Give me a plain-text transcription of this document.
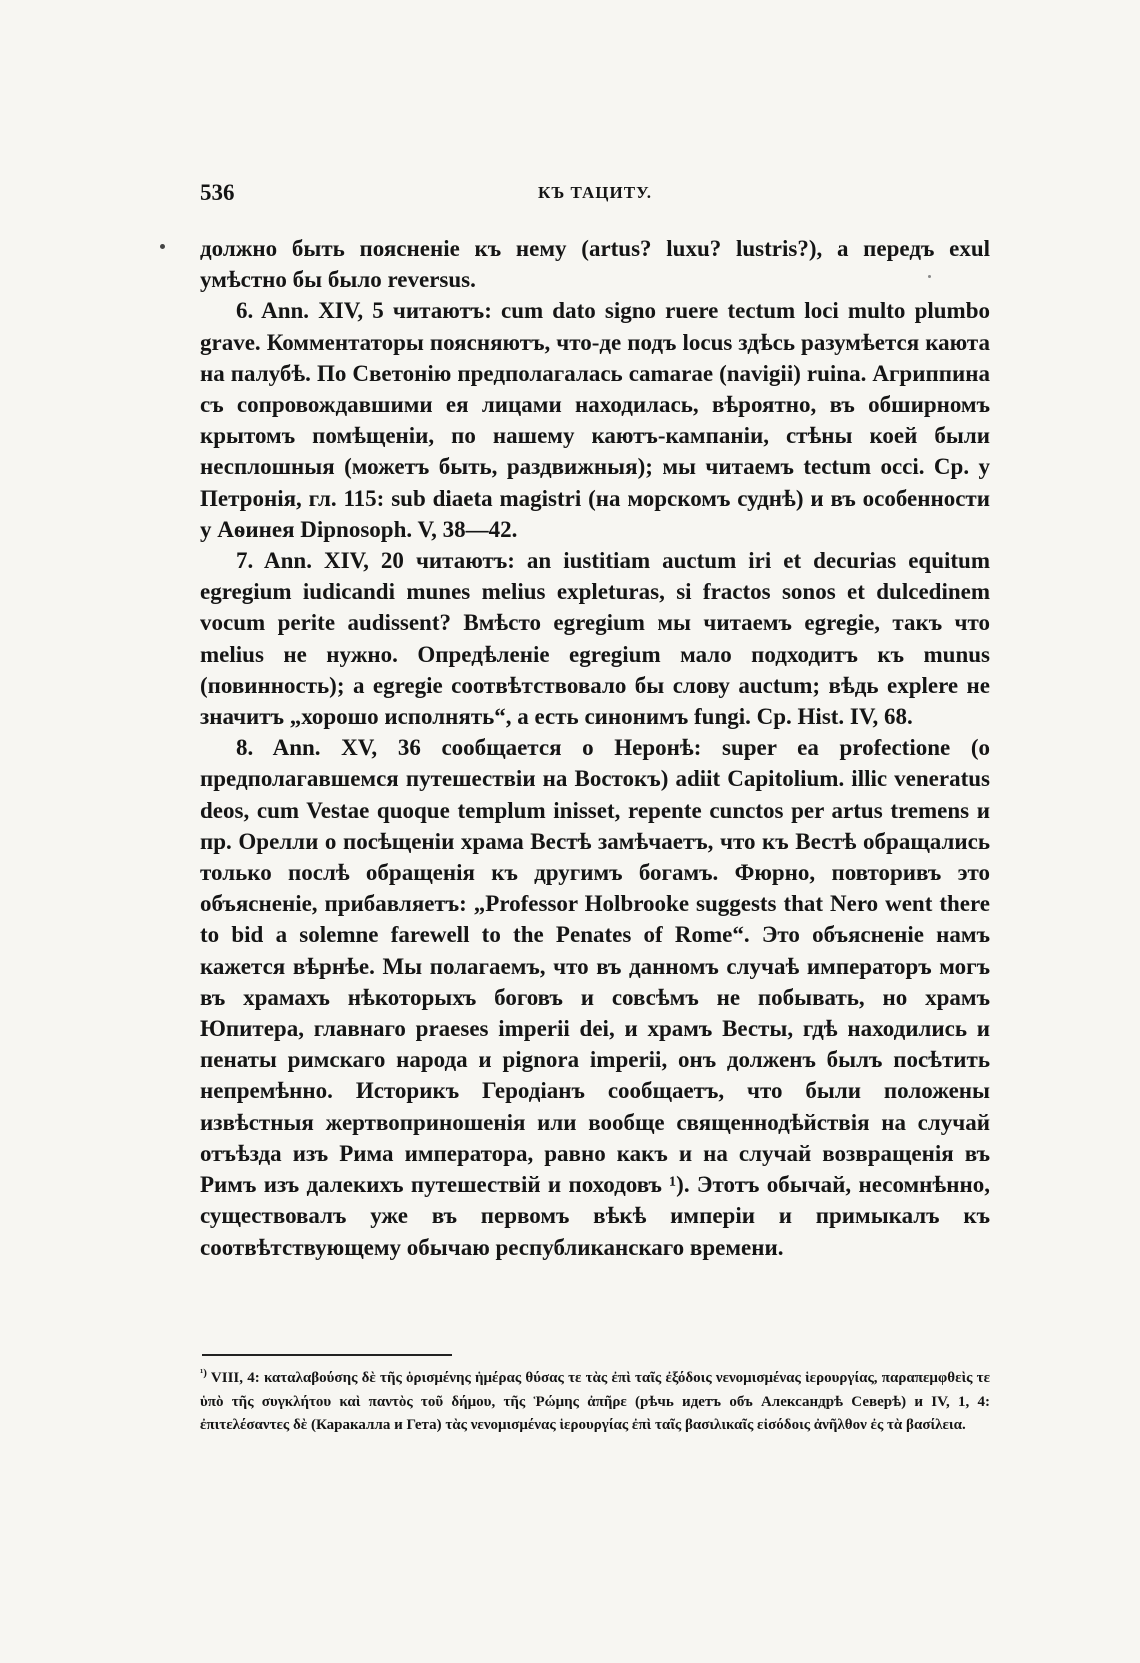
536	КЪ ТАЦИТУ.

должно быть поясненіе къ нему (artus? luxu? lustris?), а передъ exul умѣстно бы было reversus.

6. Ann. XIV, 5 читаютъ: cum dato signo ruere tectum loci multo plumbo grave. Комментаторы поясняютъ, что-де подъ locus здѣсь разумѣется каюта на палубѣ. По Светонію предполагалась camarae (navigii) ruina. Агриппина съ сопровождавшими ея лицами находилась, вѣроятно, въ обширномъ крытомъ помѣщеніи, по нашему каютъ-кампаніи, стѣны коей были несплошныя (можетъ быть, раздвижныя); мы читаемъ tectum occi. Ср. у Петронія, гл. 115: sub diaeta magistri (на морскомъ суднѣ) и въ особенности у Аѳинея Dipnosoph. V, 38—42.

7. Ann. XIV, 20 читаютъ: an iustitiam auctum iri et decurias equitum egregium iudicandi munes melius expleturas, si fractos sonos et dulcedinem vocum perite audissent? Вмѣсто egregium мы читаемъ egregie, такъ что melius не нужно. Опредѣленіе egregium мало подходитъ къ munus (повинность); а egregie соотвѣтствовало бы слову auctum; вѣдь explere не значитъ „хорошо исполнять“, а есть синонимъ fungi. Ср. Hist. IV, 68.

8. Ann. XV, 36 сообщается о Неронѣ: super ea profectione (о предполагавшемся путешествіи на Востокъ) adiit Capitolium. illic veneratus deos, cum Vestae quoque templum inisset, repente cunctos per artus tremens и пр. Орелли о посѣщеніи храма Вестѣ замѣчаетъ, что къ Вестѣ обращались только послѣ обращенія къ другимъ богамъ. Фюрно, повторивъ это объясненіе, прибавляетъ: „Professor Holbrooke suggests that Nero went there to bid a solemne farewell to the Penates of Rome“. Это объясненіе намъ кажется вѣрнѣе. Мы полагаемъ, что въ данномъ случаѣ императоръ могъ въ храмахъ нѣкоторыхъ боговъ и совсѣмъ не побывать, но храмъ Юпитера, главнаго praeses imperii dei, и храмъ Весты, гдѣ находились и пенаты римскаго народа и pignora imperii, онъ долженъ былъ посѣтить непремѣнно. Историкъ Геродіанъ сообщаетъ, что были положены извѣстныя жертвоприношенія или вообще священнодѣйствія на случай отъѣзда изъ Рима императора, равно какъ и на случай возвращенія въ Римъ изъ далекихъ путешествій и походовъ ¹). Этотъ обычай, несомнѣнно, существовалъ уже въ первомъ вѣкѣ имперіи и примыкалъ къ соотвѣтствующему обычаю республиканскаго времени.

$^{^1)}$ VIII, 4: καταλαβούσης δὲ τῆς ὁρισμένης ἡμέρας θύσας τε τὰς ἐπὶ ταῖς ἐξόδοις νενομισμένας ἱερουργίας, παραπεμφθεὶς τε ὑπὸ τῆς συγκλήτου καὶ παντὸς τοῦ δήμου, τῆς Ῥώμης ἀπῆρε (рѣчь идетъ объ Александрѣ Северѣ) и IV, 1, 4: ἐπιτελέσαντες δὲ (Каракалла и Гета) τὰς νενομισμένας ἱερουργίας ἐπὶ ταῖς βασιλικαῖς εἰσόδοις ἀνῆλθον ἐς τὰ βασίλεια.
